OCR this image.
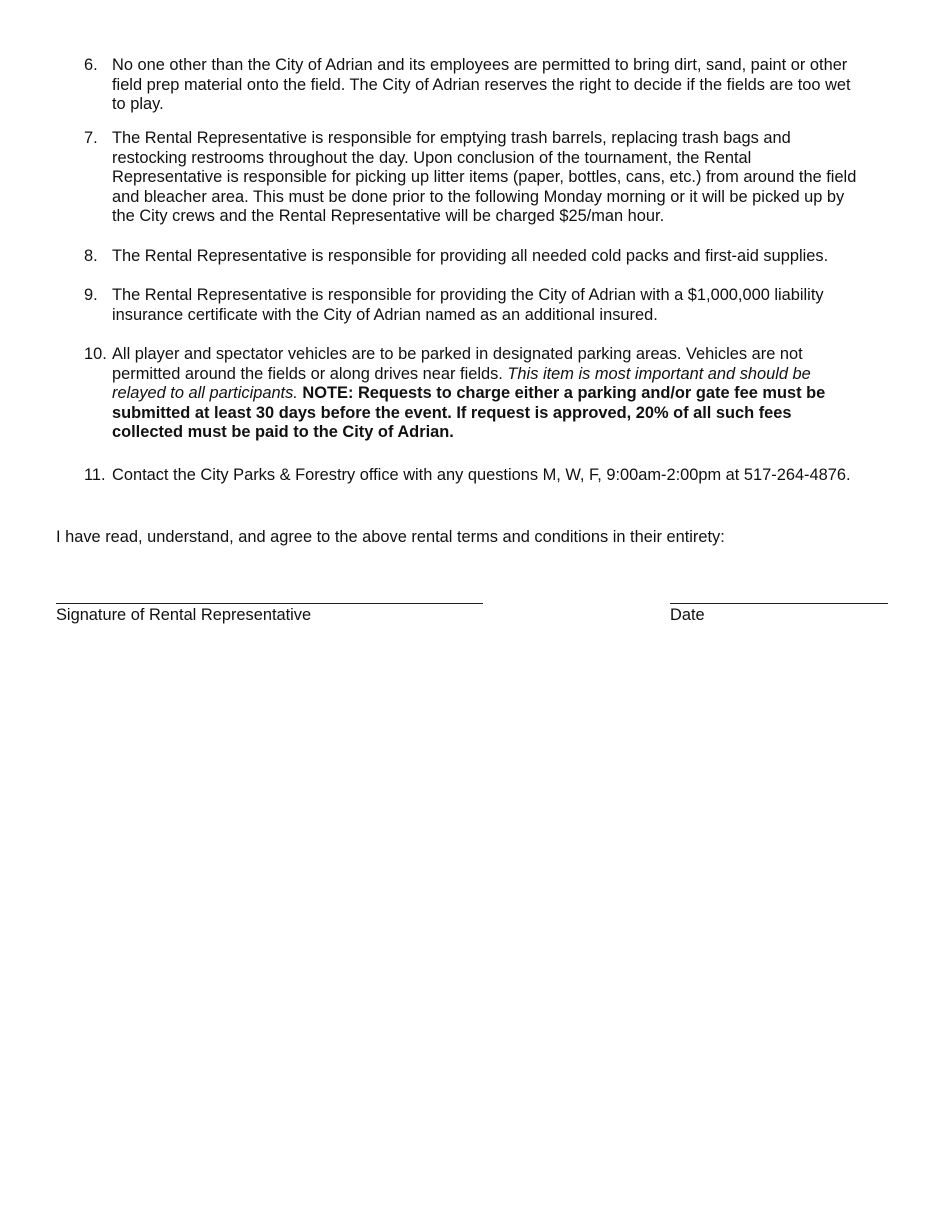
6. No one other than the City of Adrian and its employees are permitted to bring dirt, sand, paint or other
field prep material onto the field. The City of Adrian reserves the right to decide if the fields are too wet
to play.
7. The Rental Representative is responsible for emptying trash barrels, replacing trash bags and
restocking restrooms throughout the day. Upon conclusion of the tournament, the Rental
Representative is responsible for picking up litter items (paper, bottles, cans, etc.) from around the field
and bleacher area. This must be done prior to the following Monday morning or it will be picked up by
the City crews and the Rental Representative will be charged $25/man hour.
8. The Rental Representative is responsible for providing all needed cold packs and first-aid supplies.
9. The Rental Representative is responsible for providing the City of Adrian with a $1,000,000 liability
insurance certificate with the City of Adrian named as an additional insured.
10. All player and spectator vehicles are to be parked in designated parking areas. Vehicles are not
permitted around the fields or along drives near fields. This item is most important and should be
relayed to all participants. NOTE: Requests to charge either a parking and/or gate fee must be
submitted at least 30 days before the event. If request is approved, 20% of all such fees
collected must be paid to the City of Adrian.
11. Contact the City Parks & Forestry office with any questions M, W, F, 9:00am-2:00pm at 517-264-4876.
I have read, understand, and agree to the above rental terms and conditions in their entirety:
Signature of Rental Representative	Date
